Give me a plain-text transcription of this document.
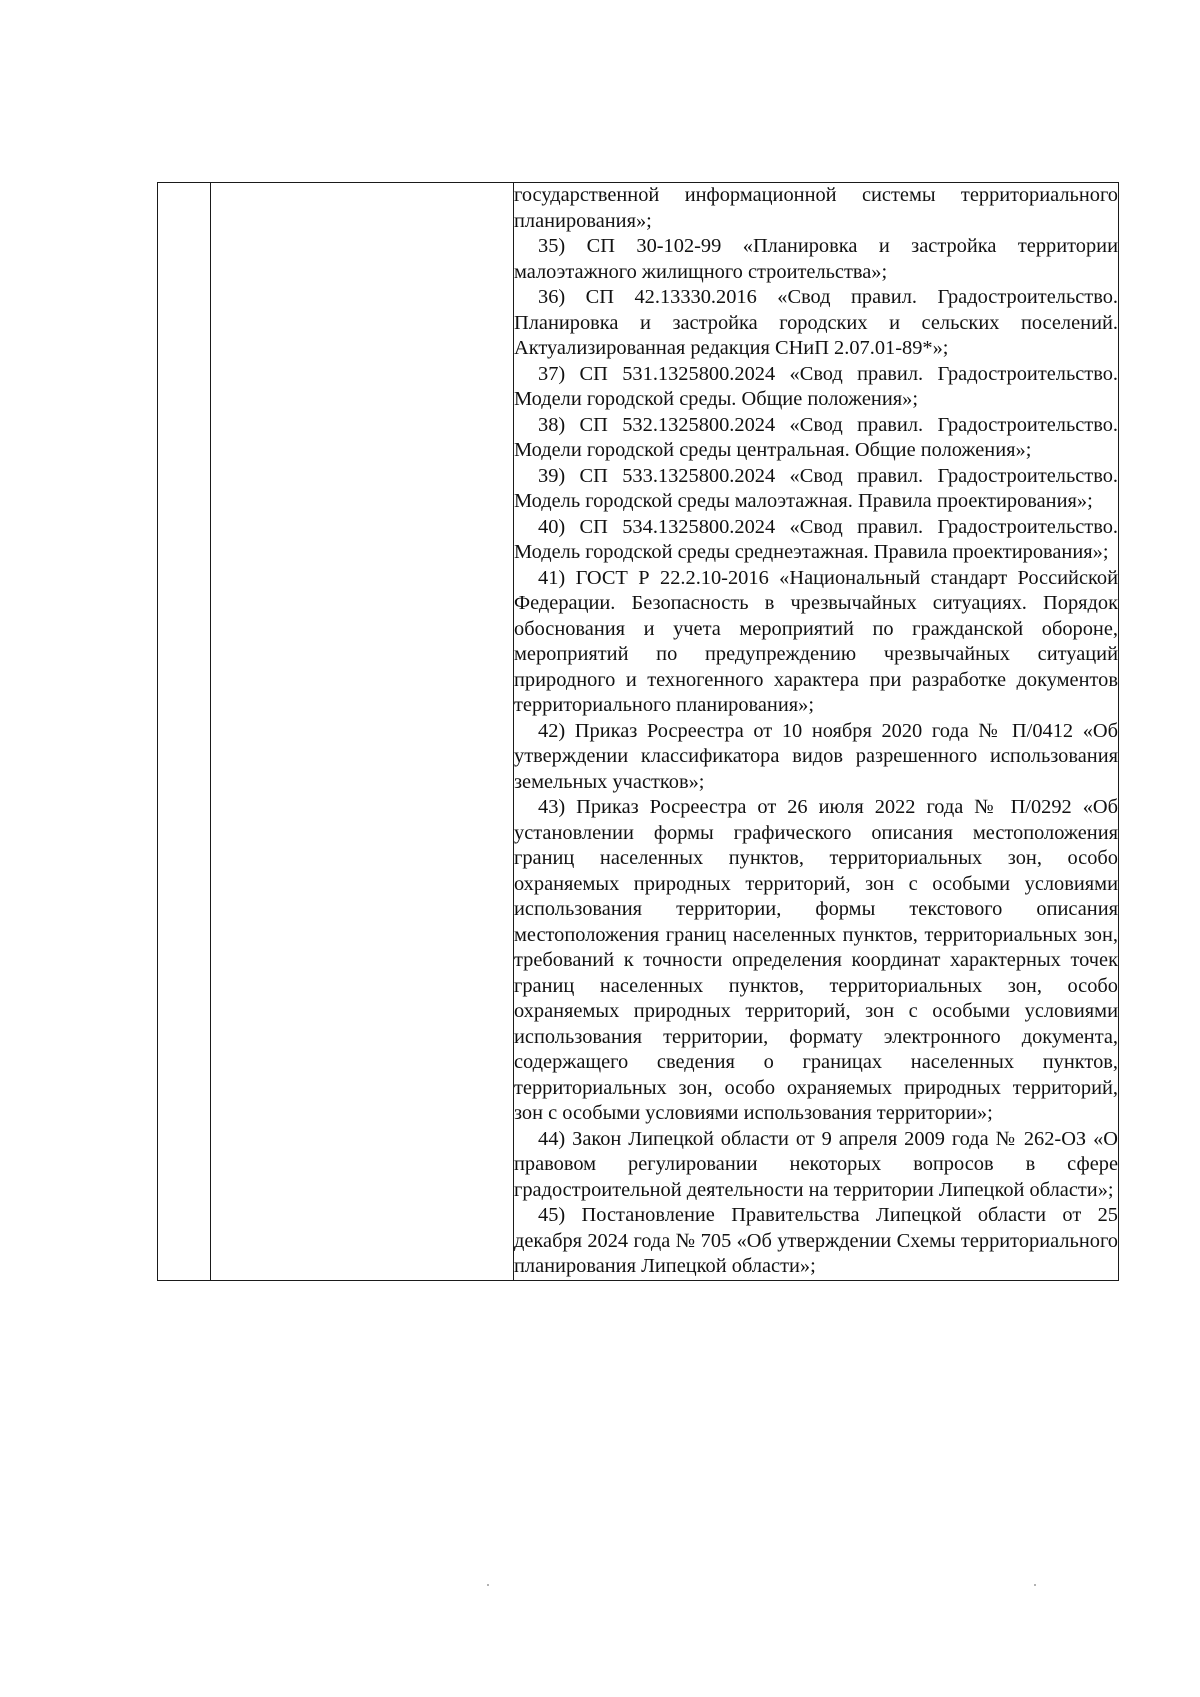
государственной информационной системы территориального планирования»;

35) СП 30-102-99 «Планировка и застройка территории малоэтажного жилищного строительства»;

36) СП 42.13330.2016 «Свод правил. Градостроительство. Планировка и застройка городских и сельских поселений. Актуализированная редакция СНиП 2.07.01-89*»;

37) СП 531.1325800.2024 «Свод правил. Градостроительство. Модели городской среды. Общие положения»;

38) СП 532.1325800.2024 «Свод правил. Градостроительство. Модели городской среды центральная. Общие положения»;

39) СП 533.1325800.2024 «Свод правил. Градостроительство. Модель городской среды малоэтажная. Правила проектирования»;

40) СП 534.1325800.2024 «Свод правил. Градостроительство. Модель городской среды среднеэтажная. Правила проектирования»;

41) ГОСТ Р 22.2.10-2016 «Национальный стандарт Российской Федерации. Безопасность в чрезвычайных ситуациях. Порядок обоснования и учета мероприятий по гражданской обороне, мероприятий по предупреждению чрезвычайных ситуаций природного и техногенного характера при разработке документов территориального планирования»;

42) Приказ Росреестра от 10 ноября 2020 года № П/0412 «Об утверждении классификатора видов разрешенного использования земельных участков»;

43) Приказ Росреестра от 26 июля 2022 года № П/0292 «Об установлении формы графического описания местоположения границ населенных пунктов, территориальных зон, особо охраняемых природных территорий, зон с особыми условиями использования территории, формы текстового описания местоположения границ населенных пунктов, территориальных зон, требований к точности определения координат характерных точек границ населенных пунктов, территориальных зон, особо охраняемых природных территорий, зон с особыми условиями использования территории, формату электронного документа, содержащего сведения о границах населенных пунктов, территориальных зон, особо охраняемых природных территорий, зон с особыми условиями использования территории»;

44) Закон Липецкой области от 9 апреля 2009 года № 262-ОЗ «О правовом регулировании некоторых вопросов в сфере градостроительной деятельности на территории Липецкой области»;

45) Постановление Правительства Липецкой области от 25 декабря 2024 года № 705 «Об утверждении Схемы территориального планирования Липецкой области»;
